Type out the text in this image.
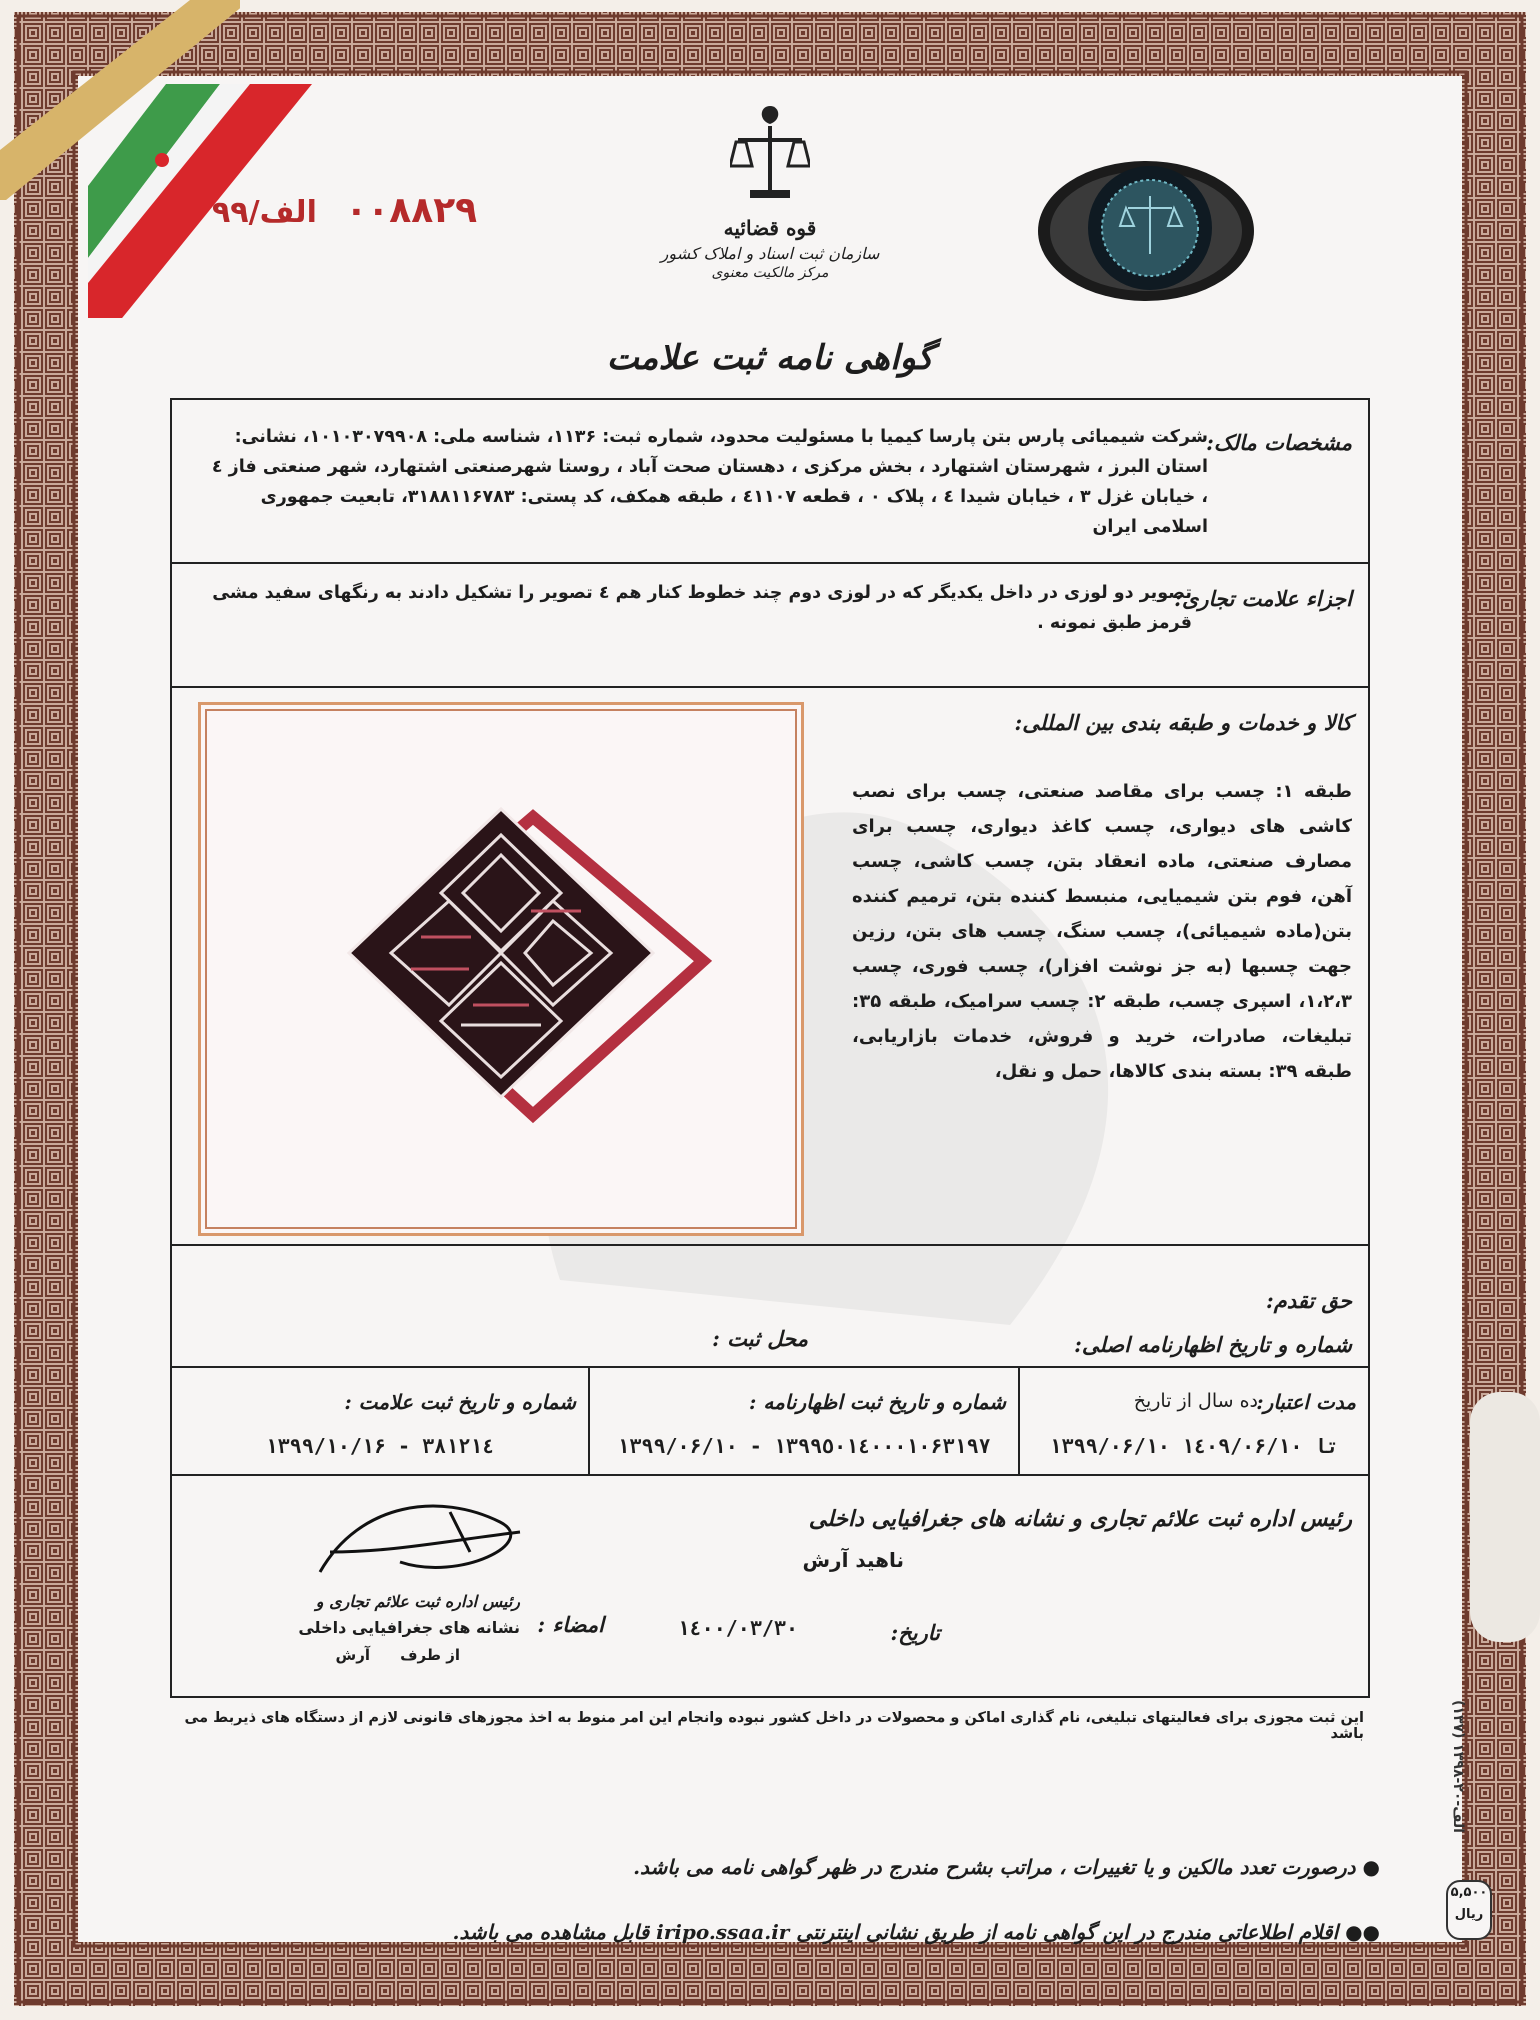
۰۰۸۸۲۹ الف/۹۹	قوه قضائیه
سازمان ثبت اسناد و املاک کشور
مرکز مالکیت معنوی
گواهی نامه ثبت علامت
مشخصات مالک:
شرکت شیمیائی پارس بتن پارسا کیمیا با مسئولیت محدود، شماره ثبت: ۱۱۳۶، شناسه ملی: ۱۰۱۰۳۰۷۹۹۰۸، نشانی: استان البرز ، شهرستان اشتهارد ، بخش مرکزی ، دهستان صحت آباد ، روستا شهرصنعتی اشتهارد، شهر صنعتی فاز ٤ ، خیابان غزل ۳ ، خیابان شیدا ٤ ، پلاک ۰ ، قطعه ٤۱۱۰۷ ، طبقه همکف، کد پستی: ۳۱۸۸۱۱۶۷۸۳، تابعیت جمهوری اسلامی ایران
اجزاء علامت تجاری:
تصویر دو لوزی در داخل یکدیگر که در لوزی دوم چند خطوط کنار هم ٤ تصویر را تشکیل دادند به رنگهای سفید مشی قرمز طبق نمونه .
کالا و خدمات و طبقه بندی بین المللی:
طبقه ۱: چسب برای مقاصد صنعتی، چسب برای نصب کاشی های دیواری، چسب کاغذ دیواری، چسب برای مصارف صنعتی، ماده انعقاد بتن، چسب کاشی، چسب آهن، فوم بتن شیمیایی، منبسط کننده بتن، ترمیم کننده بتن(ماده شیمیائی)، چسب سنگ، چسب های بتن، رزین جهت چسبها (به جز نوشت افزار)، چسب فوری، چسب ۱،۲،۳، اسپری چسب، طبقه ۲: چسب سرامیک، طبقه ۳۵: تبلیغات، صادرات، خرید و فروش، خدمات بازاریابی، طبقه ۳۹: بسته بندی کالاها، حمل و نقل،
حق تقدم:
شماره و تاریخ اظهارنامه اصلی:
محل ثبت :
مدت اعتبار:
ده سال از تاریخ
۱۳۹۹/۰۶/۱۰ تا ۱٤۰۹/۰۶/۱۰
شماره و تاریخ ثبت اظهارنامه :
۱۳۹۹/۰۶/۱۰ - ۱۳۹۹٥۰۱٤۰۰۰۱۰۶۳۱۹۷
شماره و تاریخ ثبت علامت :
۱۳۹۹/۱۰/۱۶ - ۳۸۱۲۱٤
رئیس اداره ثبت علائم تجاری و نشانه های جغرافیایی داخلی
ناهید آرش
امضاء :	تاریخ:
۱٤۰۰/۰۳/۳۰
رئیس اداره ثبت علائم تجاری و
نشانه های جغرافیایی داخلی
از طرف
آرش
این ثبت مجوزی برای فعالیتهای تبلیغی، نام گذاری اماکن و محصولات در داخل کشور نبوده وانجام این امر منوط به اخذ مجوزهای قانونی لازم از دستگاه های ذیربط می باشد
● درصورت تعدد مالکین و یا تغییرات ، مراتب بشرح مندرج در ظهر گواهی نامه می باشد.
●● اقلام اطلاعاتی مندرج در این گواهی نامه از طریق نشانی اینترنتی iripo.ssaa.ir قابل مشاهده می باشد.
(۱۳۷) الف-۲۰-۱۳۹۸
۵,۵۰۰
ریال
